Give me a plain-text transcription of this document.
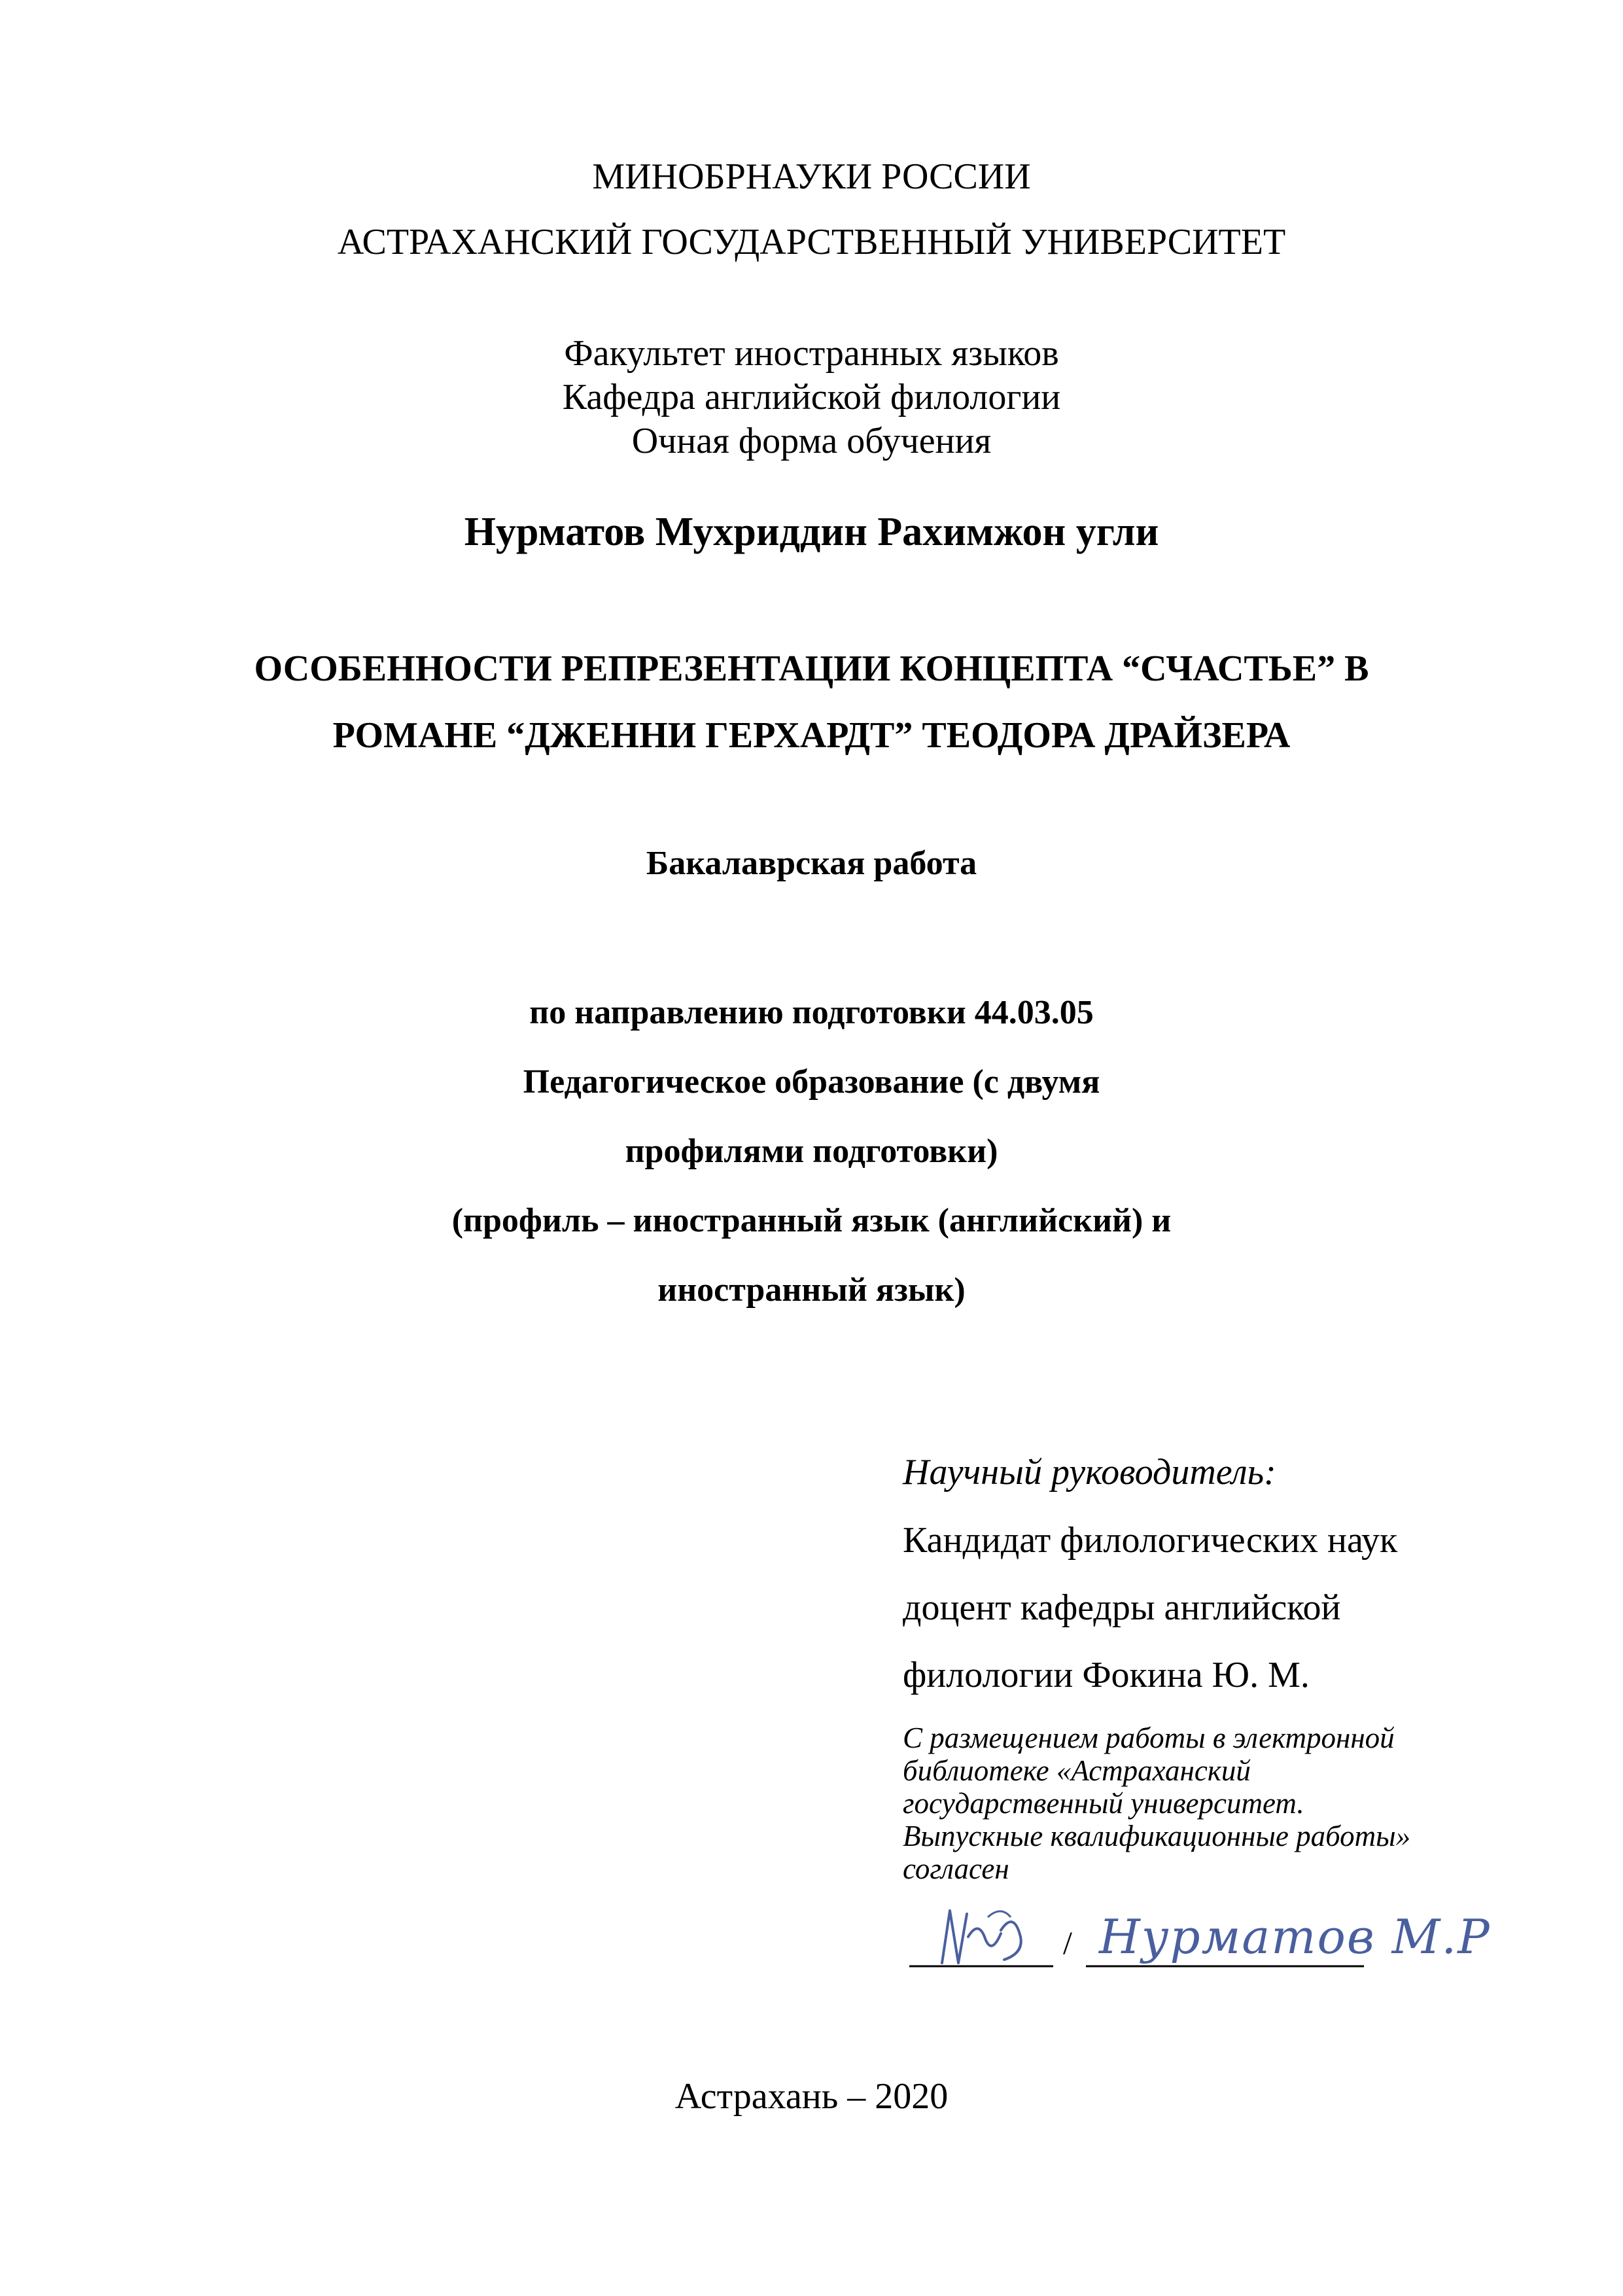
МИНОБРНАУКИ РОССИИ
АСТРАХАНСКИЙ ГОСУДАРСТВЕННЫЙ УНИВЕРСИТЕТ
Факультет иностранных языков
Кафедра английской филологии
Очная форма обучения
Нурматов Мухриддин Рахимжон угли
ОСОБЕННОСТИ РЕПРЕЗЕНТАЦИИ КОНЦЕПТА “СЧАСТЬЕ” В
РОМАНЕ “ДЖЕННИ ГЕРХАРДТ” ТЕОДОРА ДРАЙЗЕРА
Бакалаврская работа
по направлению подготовки 44.03.05
Педагогическое образование (с двумя
профилями подготовки)
(профиль – иностранный язык (английский) и
иностранный язык)
Научный руководитель:
Кандидат филологических наук
доцент кафедры английской
филологии Фокина Ю. М.
С размещением работы в электронной
библиотеке «Астраханский
государственный университет.
Выпускные квалификационные работы»
согласен
/ Нурматов М.Р
Астрахань – 2020
